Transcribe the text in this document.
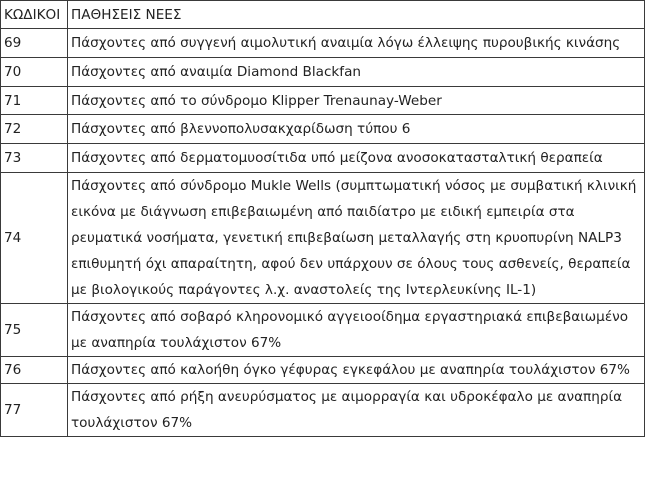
ΚΩΔΙΚΟΙ	ΠΑΘΗΣΕΙΣ ΝΕΕΣ
69	Πάσχοντες από συγγενή αιμολυτική αναιμία λόγω έλλειψης πυρουβικής κινάσης
70	Πάσχοντες από αναιμία Diamond Blackfan
71	Πάσχοντες από το σύνδρομο Klipper Trenaunay-Weber
72	Πάσχοντες από βλεννοπολυσακχαρίδωση τύπου 6
73	Πάσχοντες από δερματομυοσίτιδα υπό μείζονα ανοσοκατασταλτική θεραπεία
74	Πάσχοντες από σύνδρομο Mukle Wells (συμπτωματική νόσος με συμβατική κλινική εικόνα με διάγνωση επιβεβαιωμένη από παιδίατρο με ειδική εμπειρία στα ρευματικά νοσήματα, γενετική επιβεβαίωση μεταλλαγής στη κρυοπυρίνη NALP3 επιθυμητή όχι απαραίτητη, αφού δεν υπάρχουν σε όλους τους ασθενείς, θεραπεία με βιολογικούς παράγοντες λ.χ. αναστολείς της Ιντερλευκίνης IL-1)
75	Πάσχοντες από σοβαρό κληρονομικό αγγειοοίδημα εργαστηριακά επιβεβαιωμένο με αναπηρία τουλάχιστον 67%
76	Πάσχοντες από καλοήθη όγκο γέφυρας εγκεφάλου με αναπηρία τουλάχιστον 67%
77	Πάσχοντες από ρήξη ανευρύσματος με αιμορραγία και υδροκέφαλο με αναπηρία τουλάχιστον 67%
